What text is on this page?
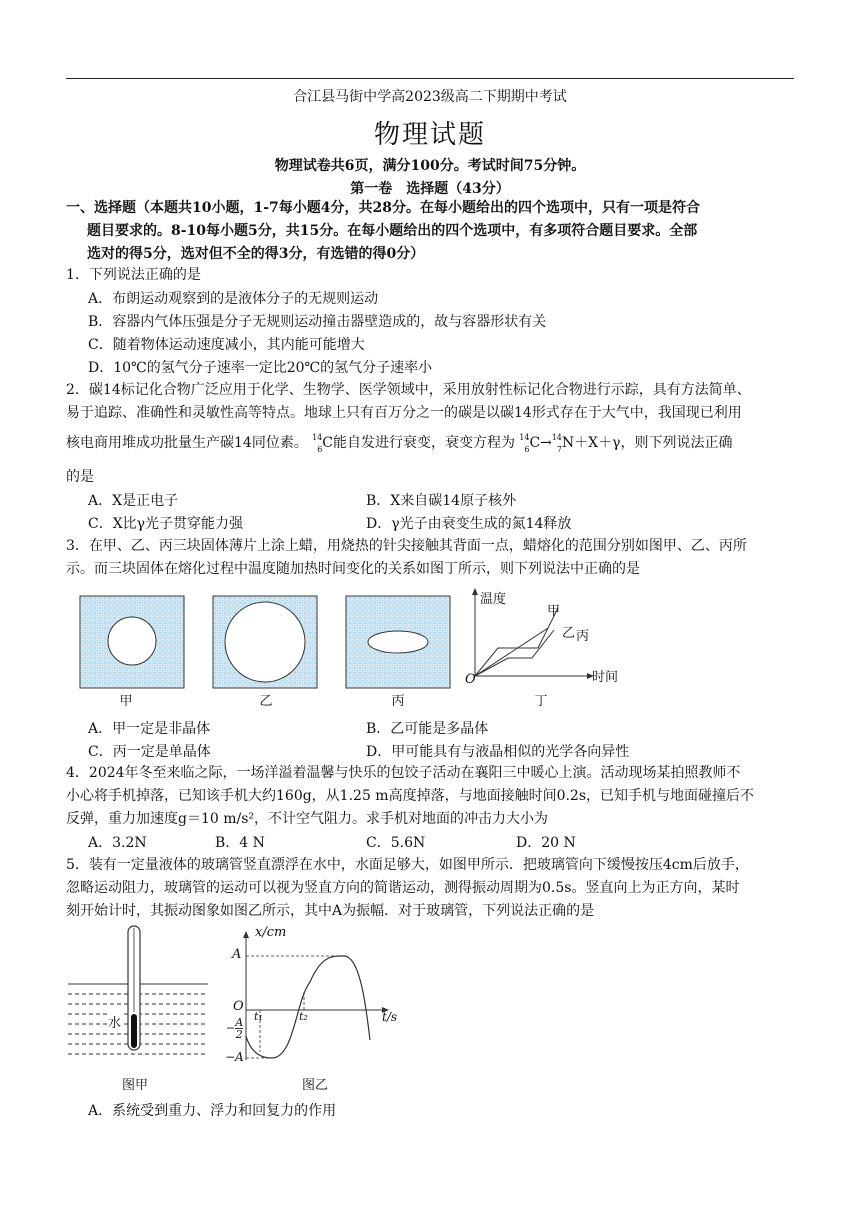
合江县马街中学高2023级高二下期期中考试
物理试题
物理试卷共6页，满分100分。考试时间75分钟。
第一卷　选择题（43分）
一、选择题（本题共10小题，1-7每小题4分，共28分。在每小题给出的四个选项中，只有一项是符合
题目要求的。8-10每小题5分，共15分。在每小题给出的四个选项中，有多项符合题目要求。全部
选对的得5分，选对但不全的得3分，有选错的得0分）
1．下列说法正确的是
A．布朗运动观察到的是液体分子的无规则运动
B．容器内气体压强是分子无规则运动撞击器壁造成的，故与容器形状有关
C．随着物体运动速度减小，其内能可能增大
D．10℃的氢气分子速率一定比20℃的氢气分子速率小
2．碳14标记化合物广泛应用于化学、生物学、医学领域中，采用放射性标记化合物进行示踪，具有方法简单、
易于追踪、准确性和灵敏性高等特点。地球上只有百万分之一的碳是以碳14形式存在于大气中，我国现已利用
核电商用堆成功批量生产碳14同位素。 14
6 C能自发进行衰变，衰变方程为 14
6 C→ 14
7 N＋X＋γ，则下列说法正确
的是
A．X是正电子	B．X来自碳14原子核外
C．X比γ光子贯穿能力强	D．γ光子由衰变生成的氮14释放
3．在甲、乙、丙三块固体薄片上涂上蜡，用烧热的针尖接触其背面一点，蜡熔化的范围分别如图甲、乙、丙所
示。而三块固体在熔化过程中温度随加热时间变化的关系如图丁所示，则下列说法中正确的是
温度
时间
O
甲
乙 丙
甲	乙	丙	丁
A．甲一定是非晶体	B．乙可能是多晶体
C．丙一定是单晶体	D．甲可能具有与液晶相似的光学各向异性
4．2024年冬至来临之际，一场洋溢着温馨与快乐的包饺子活动在襄阳三中暖心上演。活动现场某拍照教师不
小心将手机掉落，已知该手机大约160g，从1.25 m高度掉落，与地面接触时间0.2s，已知手机与地面碰撞后不
反弹，重力加速度g＝10 m/s²，不计空气阻力。求手机对地面的冲击力大小为
A．3.2N	B．4 N	C．5.6N	D．20 N
5．装有一定量液体的玻璃管竖直漂浮在水中，水面足够大，如图甲所示．把玻璃管向下缓慢按压4cm后放手，
忽略运动阻力，玻璃管的运动可以视为竖直方向的简谐运动，测得振动周期为0.5s。竖直向上为正方向，某时
刻开始计时，其振动图象如图乙所示，其中A为振幅．对于玻璃管，下列说法正确的是
水
x/cm
t/s
A
O
− $\frac{A}{2}$
−A
t₁	t₂
图甲	图乙
A．系统受到重力、浮力和回复力的作用
